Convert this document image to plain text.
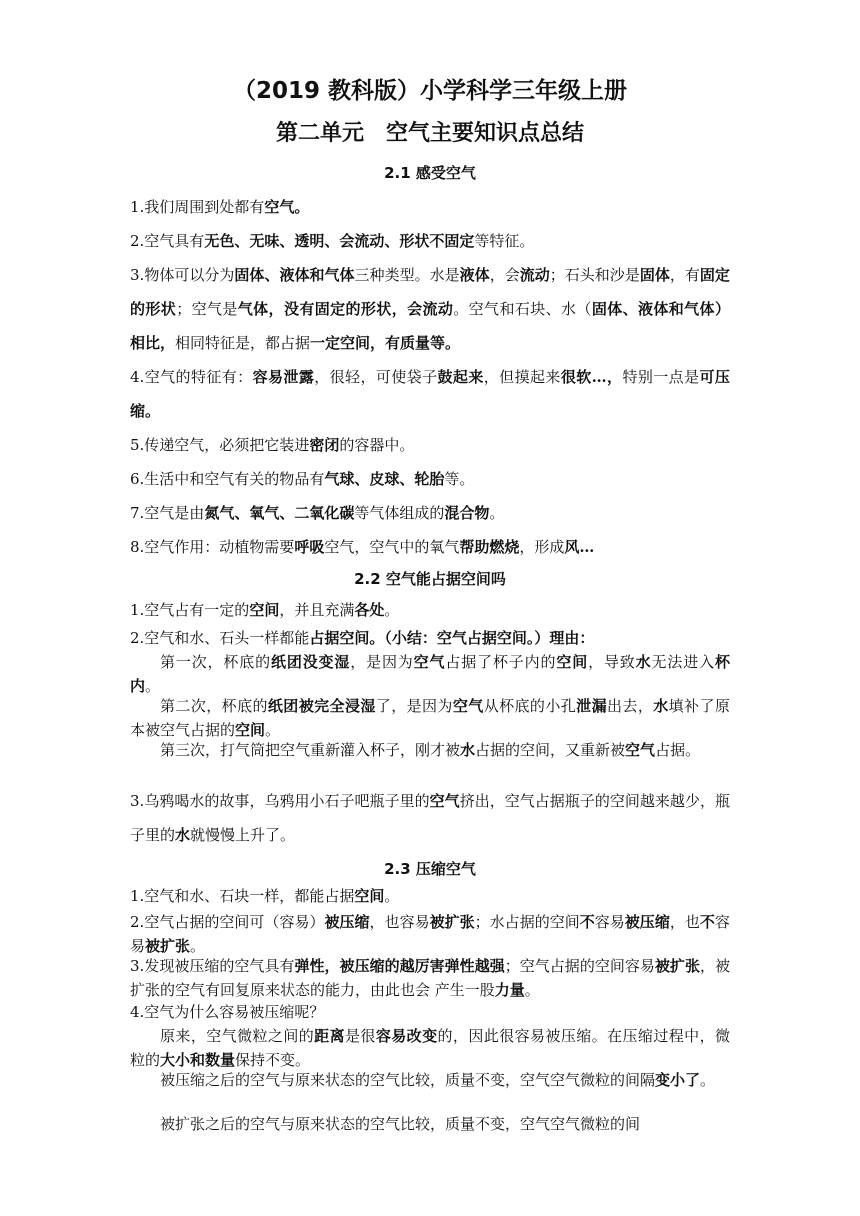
（2019 教科版）小学科学三年级上册
第二单元　空气主要知识点总结
2.1 感受空气
1.我们周围到处都有空气。
2.空气具有无色、无味、透明、会流动、形状不固定等特征。
3.物体可以分为固体、液体和气体三种类型。水是液体，会流动；石头和沙是固体，有固定的形状；空气是气体，没有固定的形状，会流动。空气和石块、水（固体、液体和气体）相比，相同特征是，都占据一定空间，有质量等。
4.空气的特征有：容易泄露，很轻，可使袋子鼓起来，但摸起来很软…，特别一点是可压缩。
5.传递空气，必须把它装进密闭的容器中。
6.生活中和空气有关的物品有气球、皮球、轮胎等。
7.空气是由氮气、氧气、二氧化碳等气体组成的混合物。
8.空气作用：动植物需要呼吸空气，空气中的氧气帮助燃烧，形成风…
2.2 空气能占据空间吗
1.空气占有一定的空间，并且充满各处。
2.空气和水、石头一样都能占据空间。（小结：空气占据空间。）理由：
第一次，杯底的纸团没变湿，是因为空气占据了杯子内的空间，导致水无法进入杯内。
第二次，杯底的纸团被完全浸湿了，是因为空气从杯底的小孔泄漏出去，水填补了原本被空气占据的空间。
第三次，打气筒把空气重新灌入杯子，刚才被水占据的空间，又重新被空气占据。
3.乌鸦喝水的故事，乌鸦用小石子吧瓶子里的空气挤出，空气占据瓶子的空间越来越少，瓶子里的水就慢慢上升了。
2.3 压缩空气
1.空气和水、石块一样，都能占据空间。
2.空气占据的空间可（容易）被压缩，也容易被扩张；水占据的空间不容易被压缩，也不容易被扩张。
3.发现被压缩的空气具有弹性，被压缩的越厉害弹性越强；空气占据的空间容易被扩张，被扩张的空气有回复原来状态的能力，由此也会 产生一股力量。
4.空气为什么容易被压缩呢？
原来，空气微粒之间的距离是很容易改变的，因此很容易被压缩。在压缩过程中，微粒的大小和数量保持不变。
被压缩之后的空气与原来状态的空气比较，质量不变，空气空气微粒的间隔变小了。
被扩张之后的空气与原来状态的空气比较，质量不变，空气空气微粒的间
